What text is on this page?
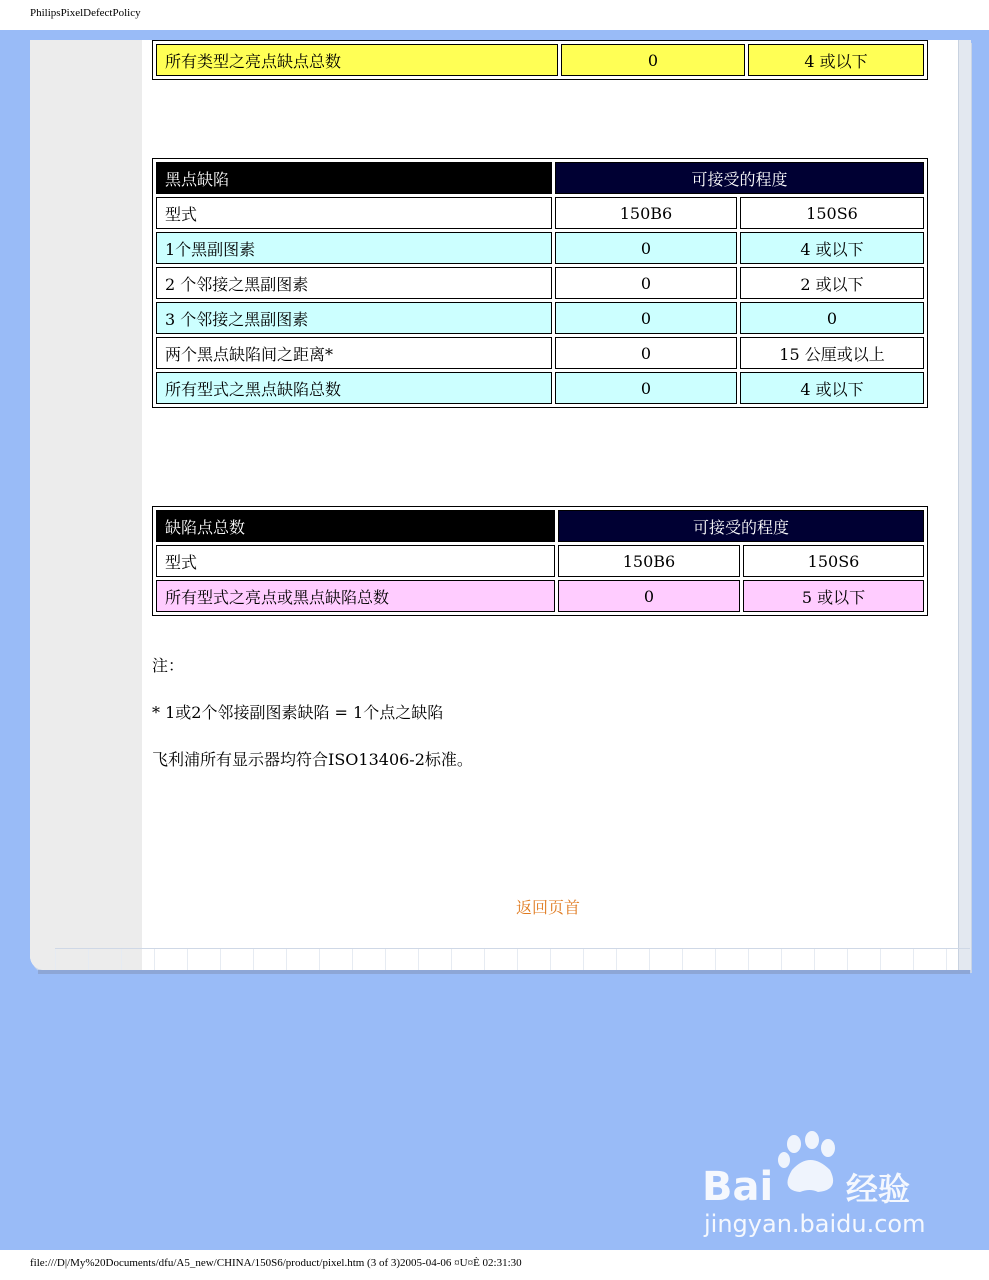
PhilipsPixelDefectPolicy
所有类型之亮点缺点总数	0	4 或以下
黑点缺陷	可接受的程度	
型式	150B6	150S6
1个黑副图素	0	4 或以下
2 个邻接之黑副图素	0	2 或以下
3 个邻接之黑副图素	0	0
两个黑点缺陷间之距离*	0	15 公厘或以上
所有型式之黑点缺陷总数	0	4 或以下
缺陷点总数	可接受的程度	
型式	150B6	150S6
所有型式之亮点或黑点缺陷总数	0	5 或以下
注：
* 1或2个邻接副图素缺陷 = 1个点之缺陷
飞利浦所有显示器均符合ISO13406-2标准。
返回页首
file:///D|/My%20Documents/dfu/A5_new/CHINA/150S6/product/pixel.htm (3 of 3)2005-04-06 ¤U¤È 02:31:30
Bai 经验
jingyan.baidu.com
